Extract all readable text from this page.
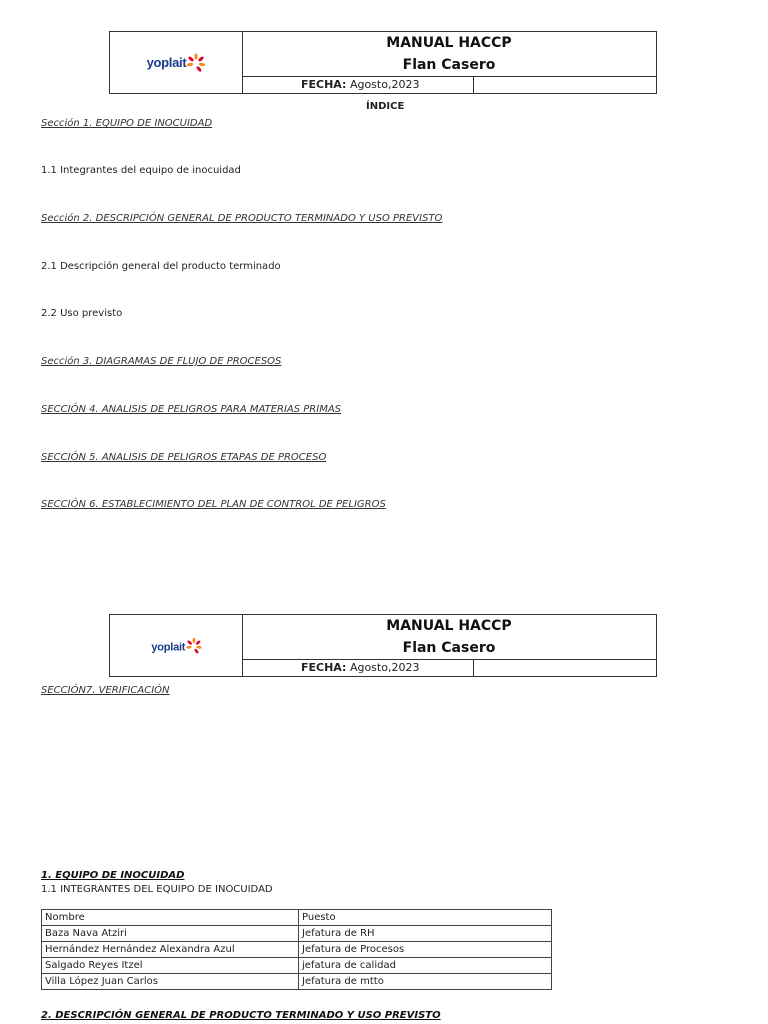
yoplait
MANUAL HACCP
Flan Casero
FECHA: Agosto,2023
ÍNDICE
Sección 1. EQUIPO DE INOCUIDAD
1.1 Integrantes del equipo de inocuidad
Sección 2. DESCRIPCIÓN GENERAL DE PRODUCTO TERMINADO Y USO PREVISTO
2.1 Descripción general del producto terminado
2.2 Uso previsto
Sección 3. DIAGRAMAS DE FLUJO DE PROCESOS
SECCIÓN 4. ANALISIS DE PELIGROS PARA MATERIAS PRIMAS
SECCIÓN 5. ANALISIS DE PELIGROS ETAPAS DE PROCESO
SECCIÓN 6. ESTABLECIMIENTO DEL PLAN DE CONTROL DE PELIGROS
yoplait
MANUAL HACCP
Flan Casero
FECHA: Agosto,2023
SECCIÓN7. VERIFICACIÓN
1. EQUIPO DE INOCUIDAD
1.1 INTEGRANTES DEL EQUIPO DE INOCUIDAD
Nombre	Puesto
Baza Nava Atziri	Jefatura de RH
Hernández Hernández Alexandra Azul	Jefatura de Procesos
Salgado Reyes Itzel	jefatura de calidad
Villa López Juan Carlos	Jefatura de mtto
2. DESCRIPCIÓN GENERAL DE PRODUCTO TERMINADO Y USO PREVISTO
